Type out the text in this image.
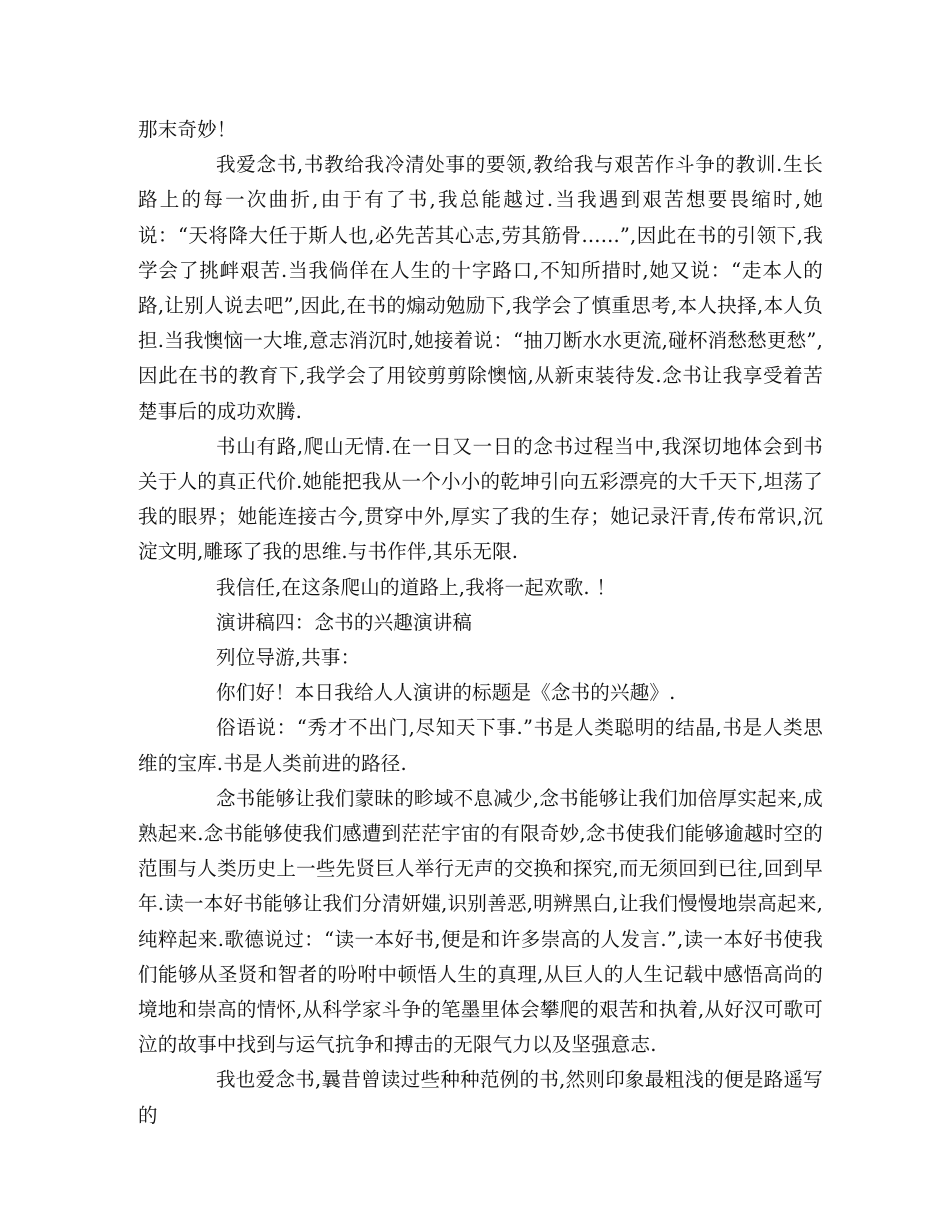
那末奇妙！

我爱念书,书教给我冷清处事的要领,教给我与艰苦作斗争的教训.生长路上的每一次曲折,由于有了书,我总能越过.当我遇到艰苦想要畏缩时,她说：“天将降大任于斯人也,必先苦其心志,劳其筋骨......”,因此在书的引领下,我学会了挑衅艰苦.当我倘佯在人生的十字路口,不知所措时,她又说：“走本人的路,让别人说去吧”,因此,在书的煽动勉励下,我学会了慎重思考,本人抉择,本人负担.当我懊恼一大堆,意志消沉时,她接着说：“抽刀断水水更流,碰杯消愁愁更愁”,因此在书的教育下,我学会了用铰剪剪除懊恼,从新束装待发.念书让我享受着苦楚事后的成功欢腾.

书山有路,爬山无情.在一日又一日的念书过程当中,我深切地体会到书关于人的真正代价.她能把我从一个小小的乾坤引向五彩漂亮的大千天下,坦荡了我的眼界；她能连接古今,贯穿中外,厚实了我的生存；她记录汗青,传布常识,沉淀文明,雕琢了我的思维.与书作伴,其乐无限.

我信任,在这条爬山的道路上,我将一起欢歌. ！

演讲稿四：念书的兴趣演讲稿

列位导游,共事：

你们好！本日我给人人演讲的标题是《念书的兴趣》.

俗语说：“秀才不出门,尽知天下事.”书是人类聪明的结晶,书是人类思维的宝库.书是人类前进的路径.

念书能够让我们蒙昧的畛域不息减少,念书能够让我们加倍厚实起来,成熟起来.念书能够使我们感遭到茫茫宇宙的有限奇妙,念书使我们能够逾越时空的范围与人类历史上一些先贤巨人举行无声的交换和探究,而无须回到已往,回到早年.读一本好书能够让我们分清妍媸,识别善恶,明辨黑白,让我们慢慢地崇高起来,纯粹起来.歌德说过：“读一本好书,便是和许多崇高的人发言.”,读一本好书使我们能够从圣贤和智者的吩咐中顿悟人生的真理,从巨人的人生记载中感悟高尚的境地和崇高的情怀,从科学家斗争的笔墨里体会攀爬的艰苦和执着,从好汉可歌可泣的故事中找到与运气抗争和搏击的无限气力以及坚强意志.

我也爱念书,曩昔曾读过些种种范例的书,然则印象最粗浅的便是路遥写的
